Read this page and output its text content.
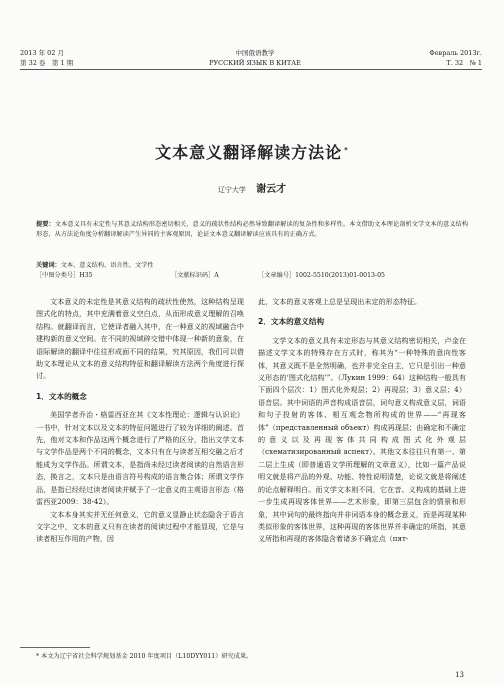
2013 年 02 月
第 32 卷　第 1 期
中国俄语教学
РУССКИЙ ЯЗЫК В КИТАЕ
Февраль 2013г.
Т. 32　№ 1
文本意义翻译解读方法论 *
辽宁大学 谢云才
提要：文本意义具有未定性与其意义结构形态密切相关，意义的疏状性结构必然导致翻译解读的复杂性和多样性。本文借助文本理论剖析文学文本的意义结构形态，从方法论角度分析翻译解读产生异同的主客观原因，论证文本意义翻译解读应该具有的正确方式。
关键词：文本、意义结构、语言性、文学性
［中图分类号］H35	［文献标识码］A	［文章编号］1002-5510(2013)01-0013-05

文本意义的未定性是其意义结构的疏状性使然，这种结构呈现图式化的特点，其中充满着意义空白点，从而形成意义理解的召唤结构。就翻译而言，它使译者融入其中，在一种意义的视域融合中建构新的意义空间。在不同的视域碎交错中体现一种新的意象，在语际解读的翻译中往往形成面不同的结果，究其原因，我们可以借助文本理论从文本的意义结构特征和翻译解读方法两个角度进行探讨。

1．文本的概念

美国学者乔治・格雷西亚在其《文本性理论：逻辑与认识论》一书中，针对文本以及文本的特征问题进行了较为详细的阐述。首先，他对文本和作品这两个概念进行了严格的区分，指出文学文本与文学作品是两个不同的概念，文本只有在与读者互相交融之后才能成为文学作品。所谓文本，是指尚未经过读者阅读的自然语言形态，换言之，文本只是由语言符号构成的语言集合体；所谓文学作品，是指已经经过读者阅读并赋予了一定意义的主观语言形态（格雷西亚2009：38-42）。

文本本身其实并无任何意义，它的意义显静止状态隐含于语言文字之中，文本的意义只有在读者的阅读过程中才能显现，它是与读者相互作用的产物，因

此，文本的意义客观上总是呈现出未定的形态特征。

2．文本的意义结构

文学文本的意义具有未定形态与其意义结构密切相关，卢金在描述文学文本的特殊存在方式时，称其为“一种特殊的意向性客体，其意义既不是全然明确，也并非完全自主，它只是引出一种意义形态的‘图式化结构’”。（Лукин 1999：64）这种结构一般具有下面四个层次：1）图式化外观层；2）再现层；3）意义层；4）语音层。其中词语的声音构成语音层，词句意义构成意义层，词语和句子投射的客体、相互观念物所构成的世界——“再现客体”（представленный объект）构成再现层；由确定和不确定的意义以及再现客体共同构成图式化外观层（схематизированный аспект）。其他文本往往只有第一、第二层上生成（即普通语文学所理解的文章意义），比如一篇产品说明文就是将产品的外观、功能、特性说明清楚，论说文就是将阐述的论点解释明白。而文学文本则不同，它在音、义构成的基础上进一步生成再现客体世界——艺术形象，即第三层包含的情景和形象，其中词句的最终指向并非词语本身的概念意义，而是再现某种类似形象的客体世界，这种再现的客体世界并非确定的所指，其意义所指和再现的客体隐含着诸多不确定点（пят-

* 本文为辽宁省社会科学规划基金 2010 年度项目（L10DYY011）研究成果。
13
